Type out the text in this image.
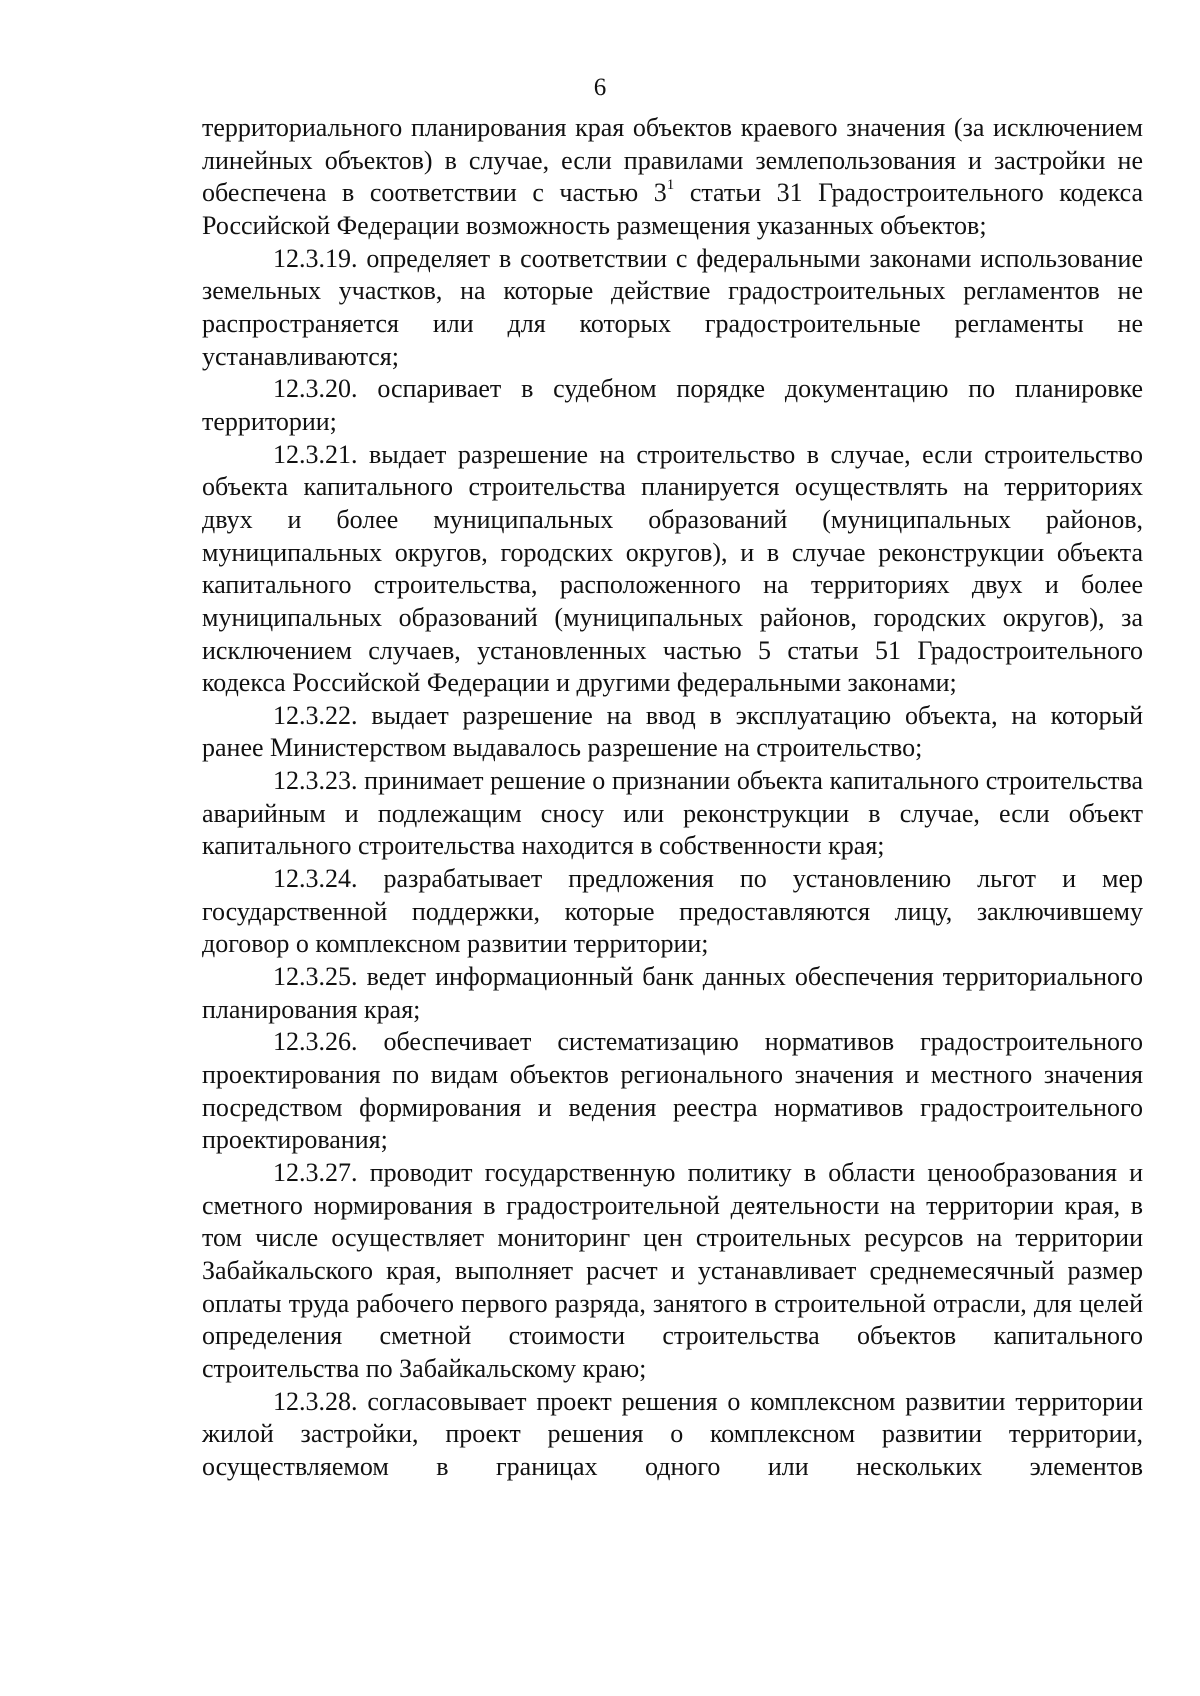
6

территориального планирования края объектов краевого значения (за исключением линейных объектов) в случае, если правилами землепользования и застройки не обеспечена в соответствии с частью $3^1$ статьи 31 Градостроительного кодекса Российской Федерации возможность размещения указанных объектов;

12.3.19. определяет в соответствии с федеральными законами использование земельных участков, на которые действие градостроительных регламентов не распространяется или для которых градостроительные регламенты не устанавливаются;

12.3.20. оспаривает в судебном порядке документацию по планировке территории;

12.3.21. выдает разрешение на строительство в случае, если строительство объекта капитального строительства планируется осуществлять на территориях двух и более муниципальных образований (муниципальных районов, муниципальных округов, городских округов), и в случае реконструкции объекта капитального строительства, расположенного на территориях двух и более муниципальных образований (муниципальных районов, городских округов), за исключением случаев, установленных частью 5 статьи 51 Градостроительного кодекса Российской Федерации и другими федеральными законами;

12.3.22. выдает разрешение на ввод в эксплуатацию объекта, на который ранее Министерством выдавалось разрешение на строительство;

12.3.23. принимает решение о признании объекта капитального строительства аварийным и подлежащим сносу или реконструкции в случае, если объект капитального строительства находится в собственности края;

12.3.24. разрабатывает предложения по установлению льгот и мер государственной поддержки, которые предоставляются лицу, заключившему договор о комплексном развитии территории;

12.3.25. ведет информационный банк данных обеспечения территориального планирования края;

12.3.26. обеспечивает систематизацию нормативов градостроительного проектирования по видам объектов регионального значения и местного значения посредством формирования и ведения реестра нормативов градостроительного проектирования;

12.3.27. проводит государственную политику в области ценообразования и сметного нормирования в градостроительной деятельности на территории края, в том числе осуществляет мониторинг цен строительных ресурсов на территории Забайкальского края, выполняет расчет и устанавливает среднемесячный размер оплаты труда рабочего первого разряда, занятого в строительной отрасли, для целей определения сметной стоимости строительства объектов капитального строительства по Забайкальскому краю;

12.3.28. согласовывает проект решения о комплексном развитии территории жилой застройки, проект решения о комплексном развитии территории, осуществляемом в границах одного или нескольких элементов
